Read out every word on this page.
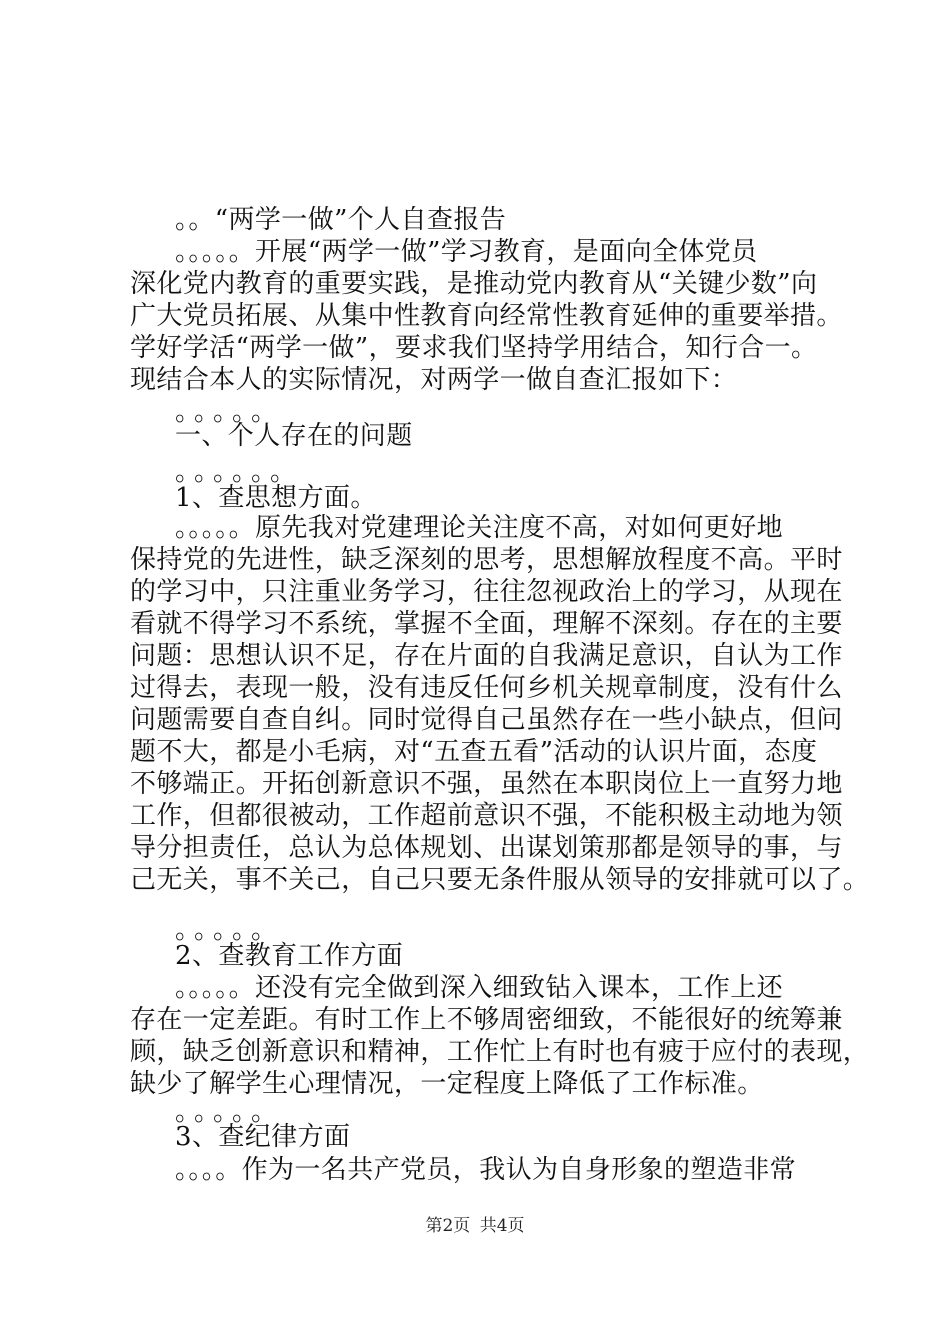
。。“两学一做”个人自查报告
。。。。。开展“两学一做”学习教育，是面向全体党员
深化党内教育的重要实践，是推动党内教育从“关键少数”向
广大党员拓展、从集中性教育向经常性教育延伸的重要举措。
学好学活“两学一做”，要求我们坚持学用结合，知行合一。
现结合本人的实际情况，对两学一做自查汇报如下：
。。。。。
一、个人存在的问题
。。。。。。
1、查思想方面。
。。。。。原先我对党建理论关注度不高，对如何更好地
保持党的先进性，缺乏深刻的思考，思想解放程度不高。平时
的学习中，只注重业务学习，往往忽视政治上的学习，从现在
看就不得学习不系统，掌握不全面，理解不深刻。存在的主要
问题：思想认识不足，存在片面的自我满足意识，自认为工作
过得去，表现一般，没有违反任何乡机关规章制度，没有什么
问题需要自查自纠。同时觉得自己虽然存在一些小缺点，但问
题不大，都是小毛病，对“五查五看”活动的认识片面，态度
不够端正。开拓创新意识不强，虽然在本职岗位上一直努力地
工作，但都很被动，工作超前意识不强，不能积极主动地为领
导分担责任，总认为总体规划、出谋划策那都是领导的事，与
己无关，事不关己，自己只要无条件服从领导的安排就可以了。
。。。。。
2、查教育工作方面
。。。。。还没有完全做到深入细致钻入课本，工作上还
存在一定差距。有时工作上不够周密细致，不能很好的统筹兼
顾，缺乏创新意识和精神，工作忙上有时也有疲于应付的表现，
缺少了解学生心理情况，一定程度上降低了工作标准。
。。。。。
3、查纪律方面
。。。。作为一名共产党员，我认为自身形象的塑造非常
第2页 共4页
